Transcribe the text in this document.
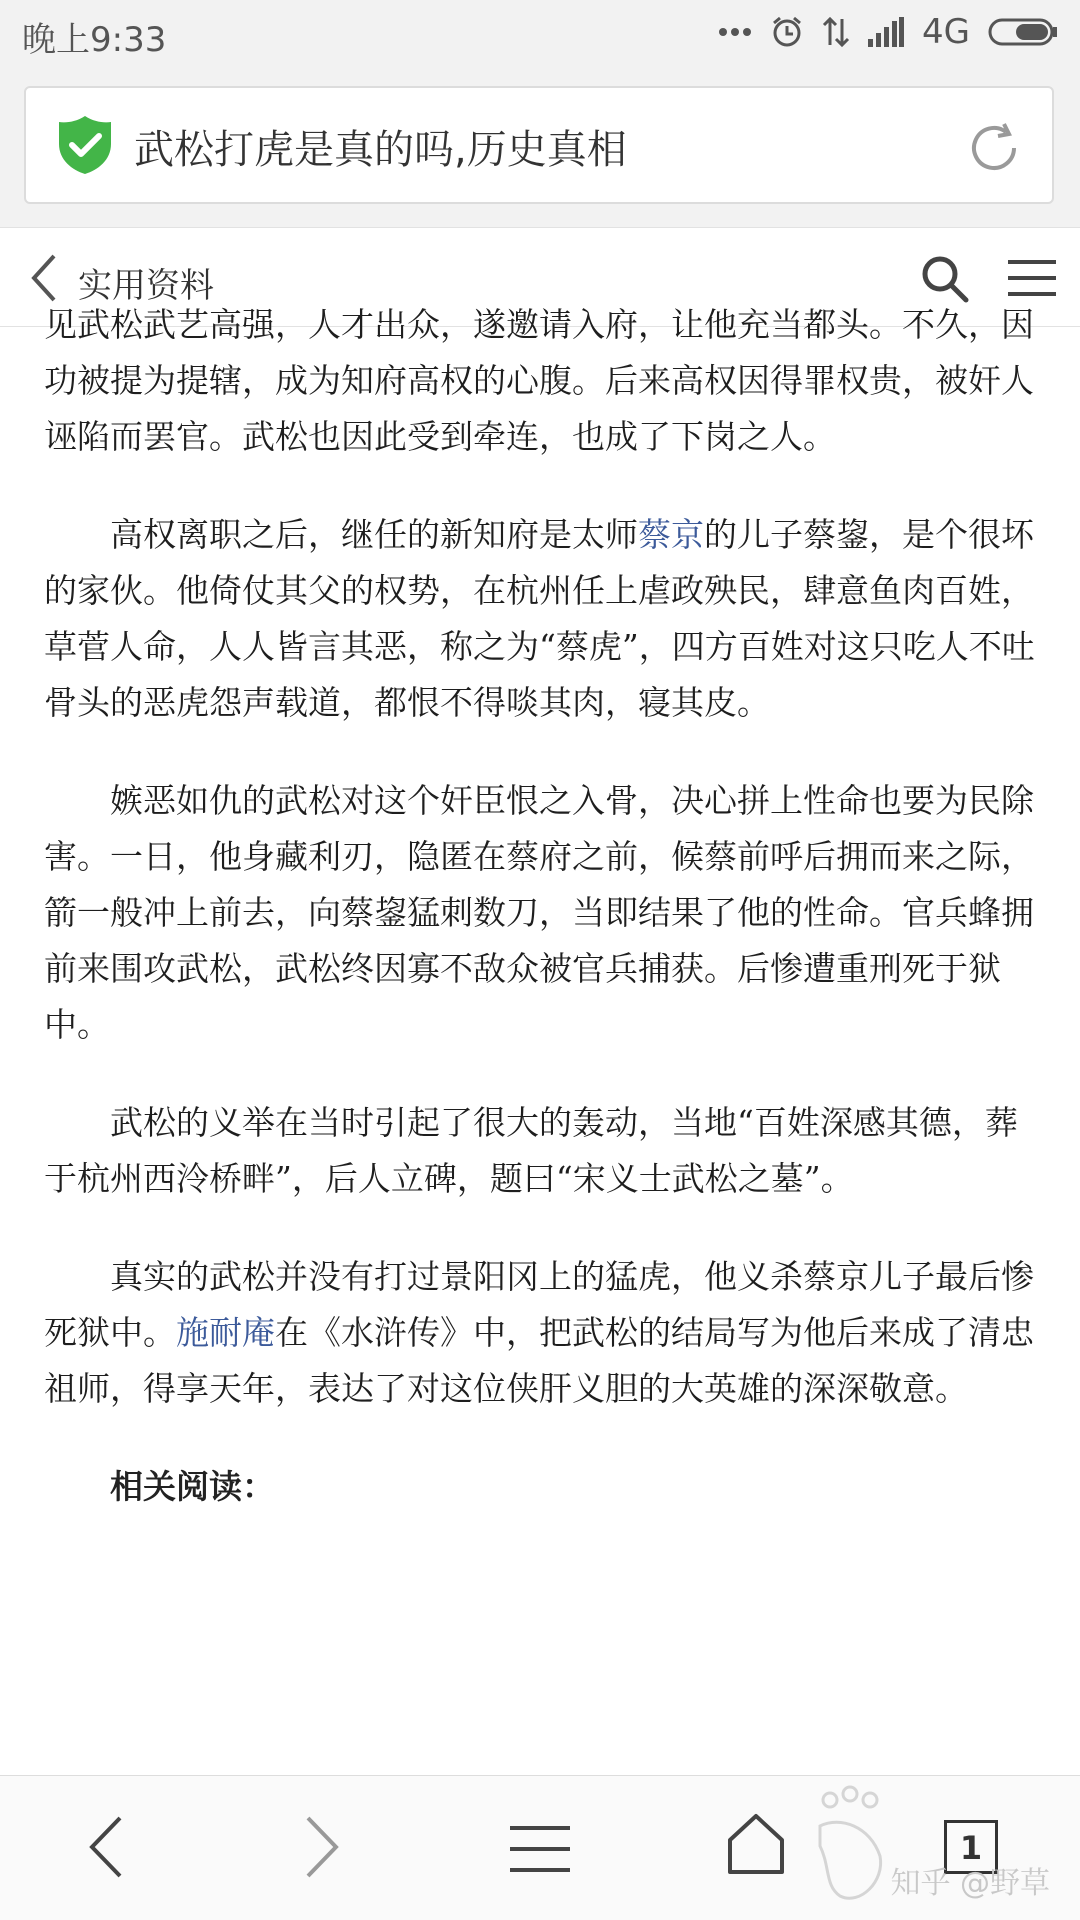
晚上9:33	4G
武松打虎是真的吗,历史真相
实用资料

见武松武艺高强，人才出众，遂邀请入府，让他充当都头。不久，因功被提为提辖，成为知府高权的心腹。后来高权因得罪权贵，被奸人诬陷而罢官。武松也因此受到牵连，也成了下岗之人。

高权离职之后，继任的新知府是太师蔡京的儿子蔡鋆，是个很坏的家伙。他倚仗其父的权势，在杭州任上虐政殃民，肆意鱼肉百姓，草菅人命，人人皆言其恶，称之为“蔡虎”，四方百姓对这只吃人不吐骨头的恶虎怨声载道，都恨不得啖其肉，寝其皮。

嫉恶如仇的武松对这个奸臣恨之入骨，决心拼上性命也要为民除害。一日，他身藏利刃，隐匿在蔡府之前，候蔡前呼后拥而来之际，箭一般冲上前去，向蔡鋆猛刺数刀，当即结果了他的性命。官兵蜂拥前来围攻武松，武松终因寡不敌众被官兵捕获。后惨遭重刑死于狱中。

武松的义举在当时引起了很大的轰动，当地“百姓深感其德，葬于杭州西泠桥畔”，后人立碑，题曰“宋义士武松之墓”。

真实的武松并没有打过景阳冈上的猛虎，他义杀蔡京儿子最后惨死狱中。施耐庵在《水浒传》中，把武松的结局写为他后来成了清忠祖师，得享天年，表达了对这位侠肝义胆的大英雄的深深敬意。

相关阅读：

1
知乎 @野草
